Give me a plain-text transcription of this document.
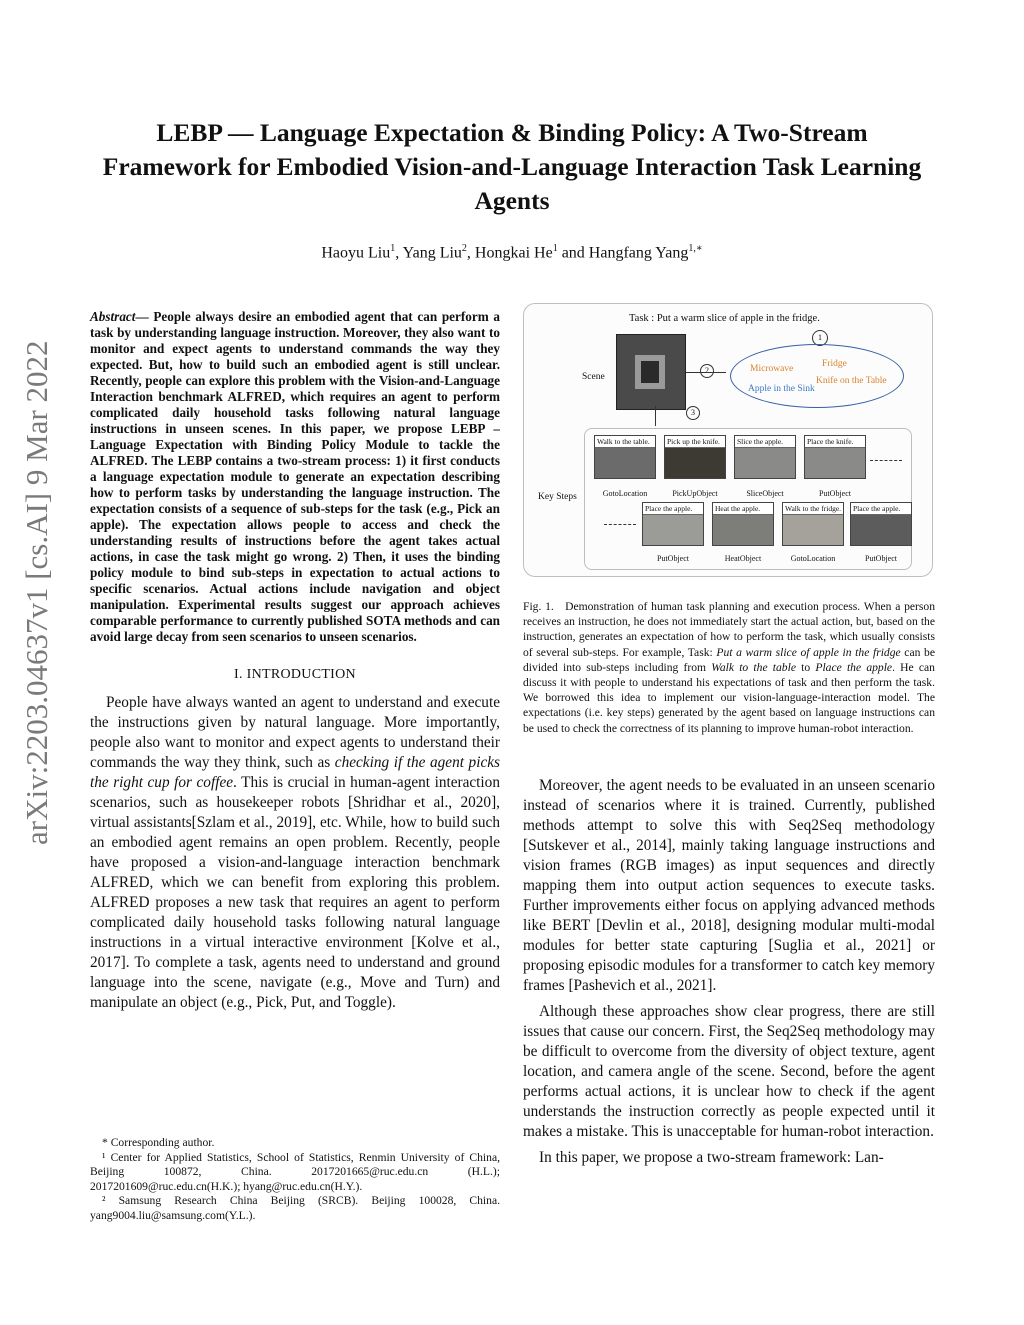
arXiv:2203.04637v1 [cs.AI] 9 Mar 2022
LEBP — Language Expectation & Binding Policy: A Two-Stream Framework for Embodied Vision-and-Language Interaction Task Learning Agents
Haoyu Liu$^1$, Yang Liu$^2$, Hongkai He$^1$ and Hangfang Yang$^{1,∗}$
Abstract— People always desire an embodied agent that can perform a task by understanding language instruction. Moreover, they also want to monitor and expect agents to understand commands the way they expected. But, how to build such an embodied agent is still unclear. Recently, people can explore this problem with the Vision-and-Language Interaction benchmark ALFRED, which requires an agent to perform complicated daily household tasks following natural language instructions in unseen scenes. In this paper, we propose LEBP – Language Expectation with Binding Policy Module to tackle the ALFRED. The LEBP contains a two-stream process: 1) it first conducts a language expectation module to generate an expectation describing how to perform tasks by understanding the language instruction. The expectation consists of a sequence of sub-steps for the task (e.g., Pick an apple). The expectation allows people to access and check the understanding results of instructions before the agent takes actual actions, in case the task might go wrong. 2) Then, it uses the binding policy module to bind sub-steps in expectation to actual actions to specific scenarios. Actual actions include navigation and object manipulation. Experimental results suggest our approach achieves comparable performance to currently published SOTA methods and can avoid large decay from seen scenarios to unseen scenarios.
I. INTRODUCTION

People have always wanted an agent to understand and execute the instructions given by natural language. More importantly, people also want to monitor and expect agents to understand their commands the way they think, such as checking if the agent picks the right cup for coffee. This is crucial in human-agent interaction scenarios, such as housekeeper robots [Shridhar et al., 2020], virtual assistants[Szlam et al., 2019], etc. While, how to build such an embodied agent remains an open problem. Recently, people have proposed a vision-and-language interaction benchmark ALFRED, which we can benefit from exploring this problem. ALFRED proposes a new task that requires an agent to perform complicated daily household tasks following natural language instructions in a virtual interactive environment [Kolve et al., 2017]. To complete a task, agents need to understand and ground language into the scene, navigate (e.g., Move and Turn) and manipulate an object (e.g., Pick, Put, and Toggle).

* Corresponding author.

¹ Center for Applied Statistics, School of Statistics, Renmin University of China, Beijing 100872, China. 2017201665@ruc.edu.cn (H.L.); 2017201609@ruc.edu.cn(H.K.); hyang@ruc.edu.cn(H.Y.).

² Samsung Research China Beijing (SRCB). Beijing 100028, China. yang9004.liu@samsung.com(Y.L.).

Task : Put a warm slice of apple in the fridge.
1
Scene
2
3
Microwave	Fridge
Knife on the Table
Apple in the Sink
Key Steps
Walk to the table.	Pick up the knife.	Slice the apple.	Place the knife.
GotoLocation	PickUpObject	SliceObject	PutObject
Place the apple.	Heat the apple.	Walk to the fridge. Place the apple.
PutObject	HeatObject	GotoLocation	PutObject
Fig. 1. Demonstration of human task planning and execution process. When a person receives an instruction, he does not immediately start the actual action, but, based on the instruction, generates an expectation of how to perform the task, which usually consists of several sub-steps. For example, Task: Put a warm slice of apple in the fridge can be divided into sub-steps including from Walk to the table to Place the apple. He can discuss it with people to understand his expectations of task and then perform the task. We borrowed this idea to implement our vision-language-interaction model. The expectations (i.e. key steps) generated by the agent based on language instructions can be used to check the correctness of its planning to improve human-robot interaction.

Moreover, the agent needs to be evaluated in an unseen scenario instead of scenarios where it is trained. Currently, published methods attempt to solve this with Seq2Seq methodology [Sutskever et al., 2014], mainly taking language instructions and vision frames (RGB images) as input sequences and directly mapping them into output action sequences to execute tasks. Further improvements either focus on applying advanced methods like BERT [Devlin et al., 2018], designing modular multi-modal modules for better state capturing [Suglia et al., 2021] or proposing episodic modules for a transformer to catch key memory frames [Pashevich et al., 2021].

Although these approaches show clear progress, there are still issues that cause our concern. First, the Seq2Seq methodology may be difficult to overcome from the diversity of object texture, agent location, and camera angle of the scene. Second, before the agent performs actual actions, it is unclear how to check if the agent understands the instruction correctly as people expected until it makes a mistake. This is unacceptable for human-robot interaction.

In this paper, we propose a two-stream framework: Lan-
